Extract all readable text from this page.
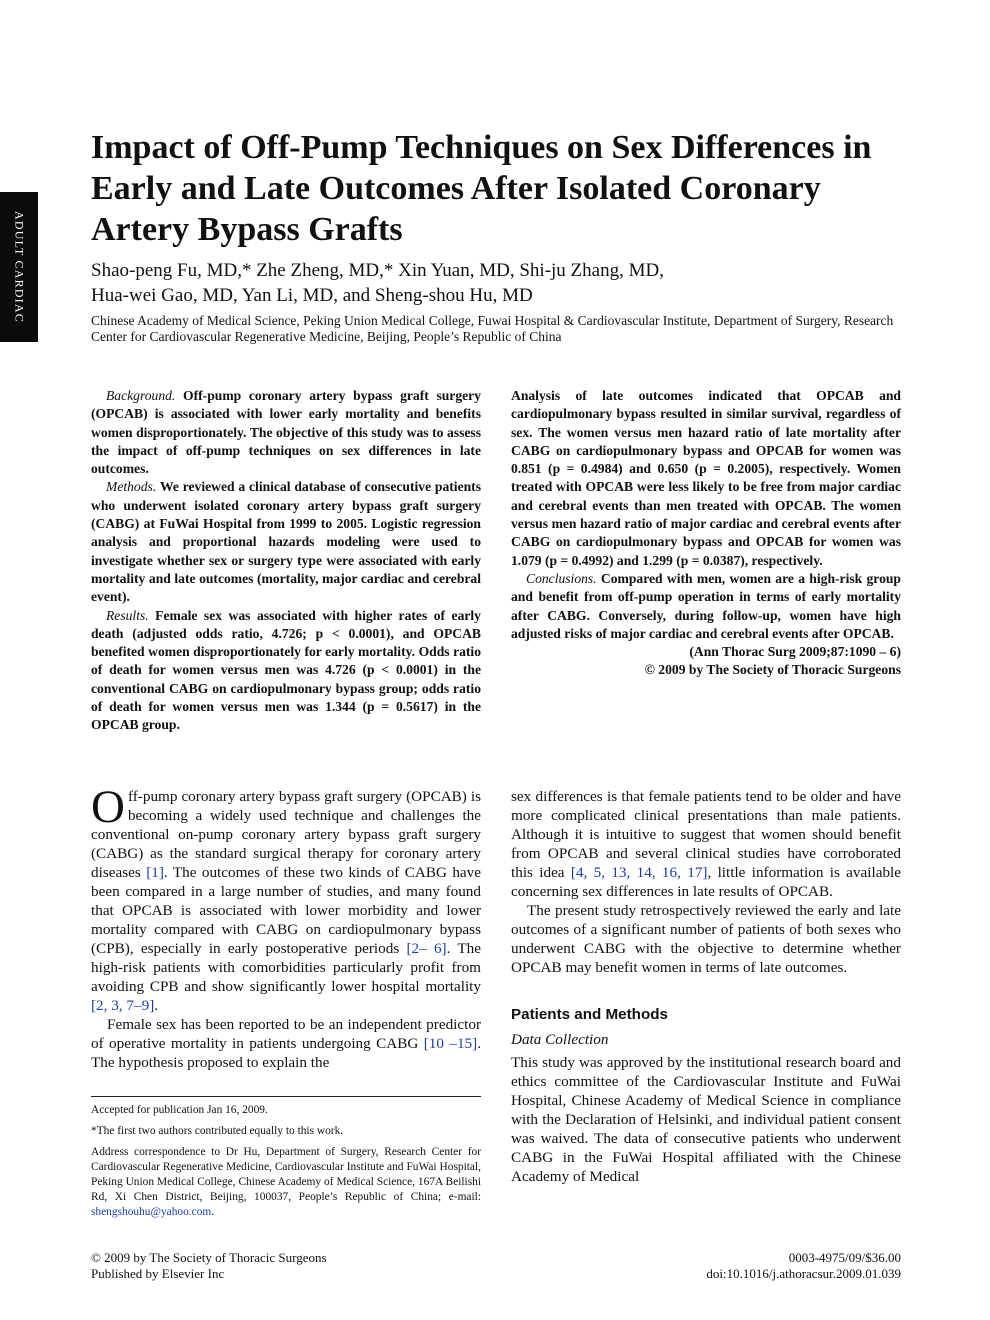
ADULT CARDIAC
Impact of Off-Pump Techniques on Sex Differences in Early and Late Outcomes After Isolated Coronary Artery Bypass Grafts
Shao-peng Fu, MD,* Zhe Zheng, MD,* Xin Yuan, MD, Shi-ju Zhang, MD,
Hua-wei Gao, MD, Yan Li, MD, and Sheng-shou Hu, MD
Chinese Academy of Medical Science, Peking Union Medical College, Fuwai Hospital & Cardiovascular Institute, Department of Surgery, Research Center for Cardiovascular Regenerative Medicine, Beijing, People’s Republic of China

Background. Off-pump coronary artery bypass graft surgery (OPCAB) is associated with lower early mortality and benefits women disproportionately. The objective of this study was to assess the impact of off-pump techniques on sex differences in late outcomes.

Methods. We reviewed a clinical database of consecutive patients who underwent isolated coronary artery bypass graft surgery (CABG) at FuWai Hospital from 1999 to 2005. Logistic regression analysis and proportional hazards modeling were used to investigate whether sex or surgery type were associated with early mortality and late outcomes (mortality, major cardiac and cerebral event).

Results. Female sex was associated with higher rates of early death (adjusted odds ratio, 4.726; p < 0.0001), and OPCAB benefited women disproportionately for early mortality. Odds ratio of death for women versus men was 4.726 (p < 0.0001) in the conventional CABG on cardiopulmonary bypass group; odds ratio of death for women versus men was 1.344 (p = 0.5617) in the OPCAB group.

Analysis of late outcomes indicated that OPCAB and cardiopulmonary bypass resulted in similar survival, regardless of sex. The women versus men hazard ratio of late mortality after CABG on cardiopulmonary bypass and OPCAB for women was 0.851 (p = 0.4984) and 0.650 (p = 0.2005), respectively. Women treated with OPCAB were less likely to be free from major cardiac and cerebral events than men treated with OPCAB. The women versus men hazard ratio of major cardiac and cerebral events after CABG on cardiopulmonary bypass and OPCAB for women was 1.079 (p = 0.4992) and 1.299 (p = 0.0387), respectively.

Conclusions. Compared with men, women are a high-risk group and benefit from off-pump operation in terms of early mortality after CABG. Conversely, during follow-up, women have high adjusted risks of major cardiac and cerebral events after OPCAB.

(Ann Thorac Surg 2009;87:1090 – 6)

© 2009 by The Society of Thoracic Surgeons

Off-pump coronary artery bypass graft surgery (OPCAB) is becoming a widely used technique and challenges the conventional on-pump coronary artery bypass graft surgery (CABG) as the standard surgical therapy for coronary artery diseases [1]. The outcomes of these two kinds of CABG have been compared in a large number of studies, and many found that OPCAB is associated with lower morbidity and lower mortality compared with CABG on cardiopulmonary bypass (CPB), especially in early postoperative periods [2– 6]. The high-risk patients with comorbidities particularly profit from avoiding CPB and show significantly lower hospital mortality [2, 3, 7–9].

Female sex has been reported to be an independent predictor of operative mortality in patients undergoing CABG [10 –15]. The hypothesis proposed to explain the

sex differences is that female patients tend to be older and have more complicated clinical presentations than male patients. Although it is intuitive to suggest that women should benefit from OPCAB and several clinical studies have corroborated this idea [4, 5, 13, 14, 16, 17], little information is available concerning sex differences in late results of OPCAB.

The present study retrospectively reviewed the early and late outcomes of a significant number of patients of both sexes who underwent CABG with the objective to determine whether OPCAB may benefit women in terms of late outcomes.

Patients and Methods
Data Collection

This study was approved by the institutional research board and ethics committee of the Cardiovascular Institute and FuWai Hospital, Chinese Academy of Medical Science in compliance with the Declaration of Helsinki, and individual patient consent was waived. The data of consecutive patients who underwent CABG in the FuWai Hospital affiliated with the Chinese Academy of Medical

Accepted for publication Jan 16, 2009.

*The first two authors contributed equally to this work.

Address correspondence to Dr Hu, Department of Surgery, Research Center for Cardiovascular Regenerative Medicine, Cardiovascular Institute and FuWai Hospital, Peking Union Medical College, Chinese Academy of Medical Science, 167A Beilishi Rd, Xi Chen District, Beijing, 100037, People’s Republic of China; e-mail: shengshouhu@yahoo.com.

© 2009 by The Society of Thoracic Surgeons
Published by Elsevier Inc
0003-4975/09/$36.00
doi:10.1016/j.athoracsur.2009.01.039
